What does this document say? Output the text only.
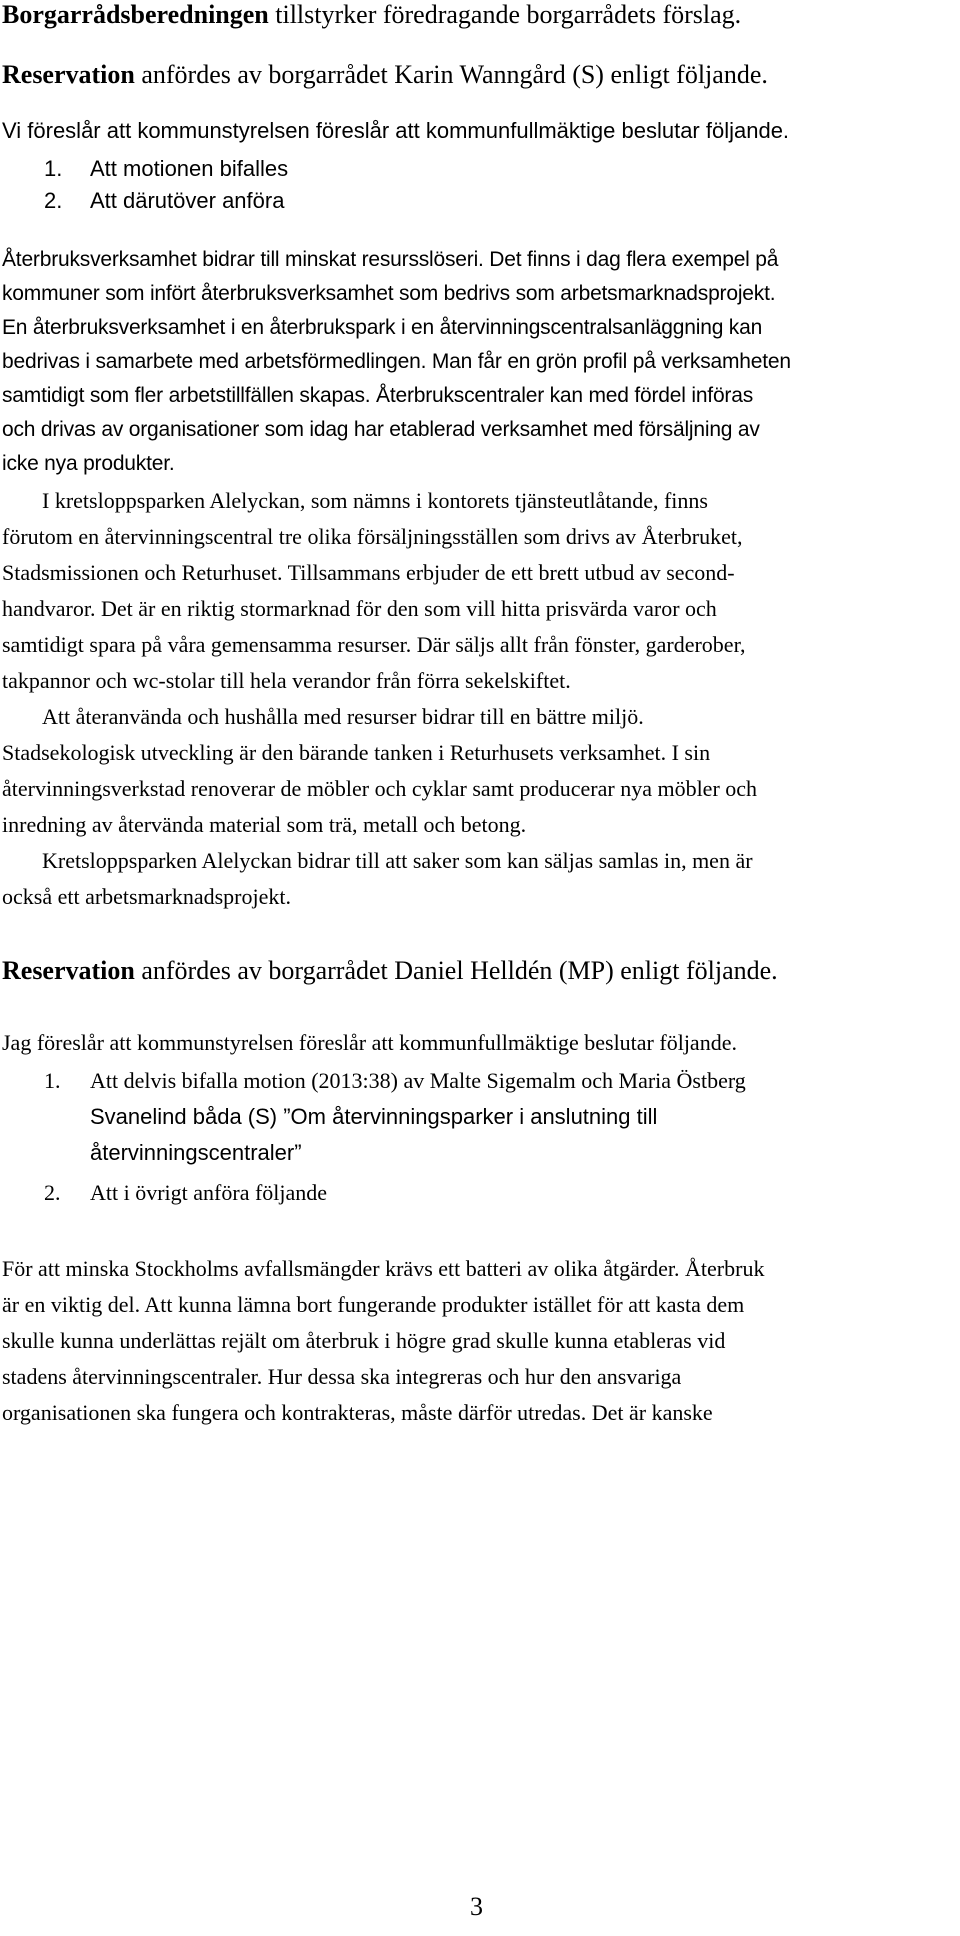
Borgarrådsberedningen tillstyrker föredragande borgarrådets förslag.

Reservation anfördes av borgarrådet Karin Wanngård (S) enligt följande.

Vi föreslår att kommunstyrelsen föreslår att kommunfullmäktige beslutar följande.

1. Att motionen bifalles

2. Att därutöver anföra

Återbruksverksamhet bidrar till minskat resursslöseri. Det finns i dag flera exempel på

kommuner som infört återbruksverksamhet som bedrivs som arbetsmarknadsprojekt.

En återbruksverksamhet i en återbrukspark i en återvinningscentralsanläggning kan

bedrivas i samarbete med arbetsförmedlingen. Man får en grön profil på verksamheten

samtidigt som fler arbetstillfällen skapas. Återbrukscentraler kan med fördel införas

och drivas av organisationer som idag har etablerad verksamhet med försäljning av

icke nya produkter.

I kretsloppsparken Alelyckan, som nämns i kontorets tjänsteutlåtande, finns

förutom en återvinningscentral tre olika försäljningsställen som drivs av Återbruket,

Stadsmissionen och Returhuset. Tillsammans erbjuder de ett brett utbud av second-

handvaror. Det är en riktig stormarknad för den som vill hitta prisvärda varor och

samtidigt spara på våra gemensamma resurser. Där säljs allt från fönster, garderober,

takpannor och wc-stolar till hela verandor från förra sekelskiftet.

Att återanvända och hushålla med resurser bidrar till en bättre miljö.

Stadsekologisk utveckling är den bärande tanken i Returhusets verksamhet. I sin

återvinningsverkstad renoverar de möbler och cyklar samt producerar nya möbler och

inredning av återvända material som trä, metall och betong.

Kretsloppsparken Alelyckan bidrar till att saker som kan säljas samlas in, men är

också ett arbetsmarknadsprojekt.

Reservation anfördes av borgarrådet Daniel Helldén (MP) enligt följande.

Jag föreslår att kommunstyrelsen föreslår att kommunfullmäktige beslutar följande.

1. Att delvis bifalla motion (2013:38) av Malte Sigemalm och Maria Östberg

Svanelind båda (S) ”Om återvinningsparker i anslutning till

återvinningscentraler”

2. Att i övrigt anföra följande

För att minska Stockholms avfallsmängder krävs ett batteri av olika åtgärder. Återbruk

är en viktig del. Att kunna lämna bort fungerande produkter istället för att kasta dem

skulle kunna underlättas rejält om återbruk i högre grad skulle kunna etableras vid

stadens återvinningscentraler. Hur dessa ska integreras och hur den ansvariga

organisationen ska fungera och kontrakteras, måste därför utredas. Det är kanske

3
